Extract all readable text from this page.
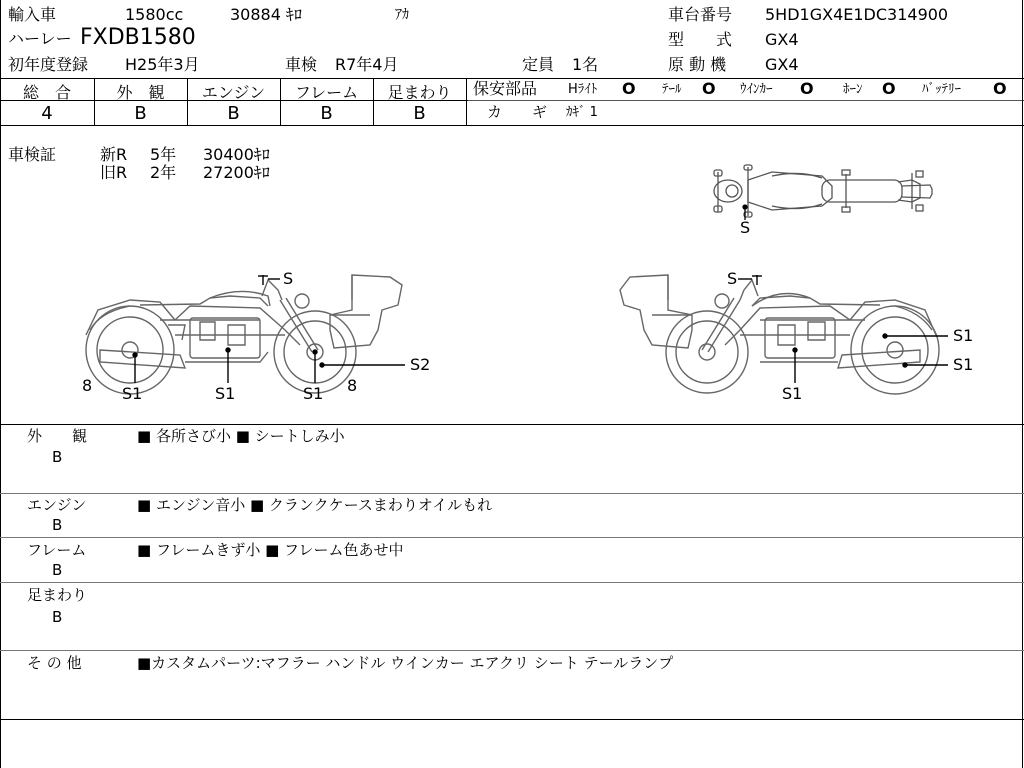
輸入車	1580cc	30884 ｷﾛ	ｱｶ	車台番号 5HD1GX4E1DC314900
ハーレー FXDB1580	型　　式 GX4
初年度登録 H25年3月	車検 R7年4月	定員 1名	原 動 機 GX4
総　合	外　観	エンジン	フレーム	足まわり
4	B	B	B	B
保安部品 Hﾗｲﾄ O ﾃｰﾙ O ｳｲﾝｶｰ O ﾎｰﾝ O ﾊﾞｯﾃﾘｰ O
カ　　ギ ｶｷﾞ 1
車検証	新R 5年 30400ｷﾛ
旧R 2年 27200ｷﾛ
S
S
S2
S1	S1	S1
8	8
S
S1
S1
S1
外　　観
B
■ 各所さび小 ■ シートしみ小
エンジン
B
■ エンジン音小 ■ クランクケースまわりオイルもれ
フレーム
B
■ フレームきず小 ■ フレーム色あせ中
足まわり
B
そ の 他	■カスタムパーツ:マフラー ハンドル ウインカー エアクリ シート テールランプ
